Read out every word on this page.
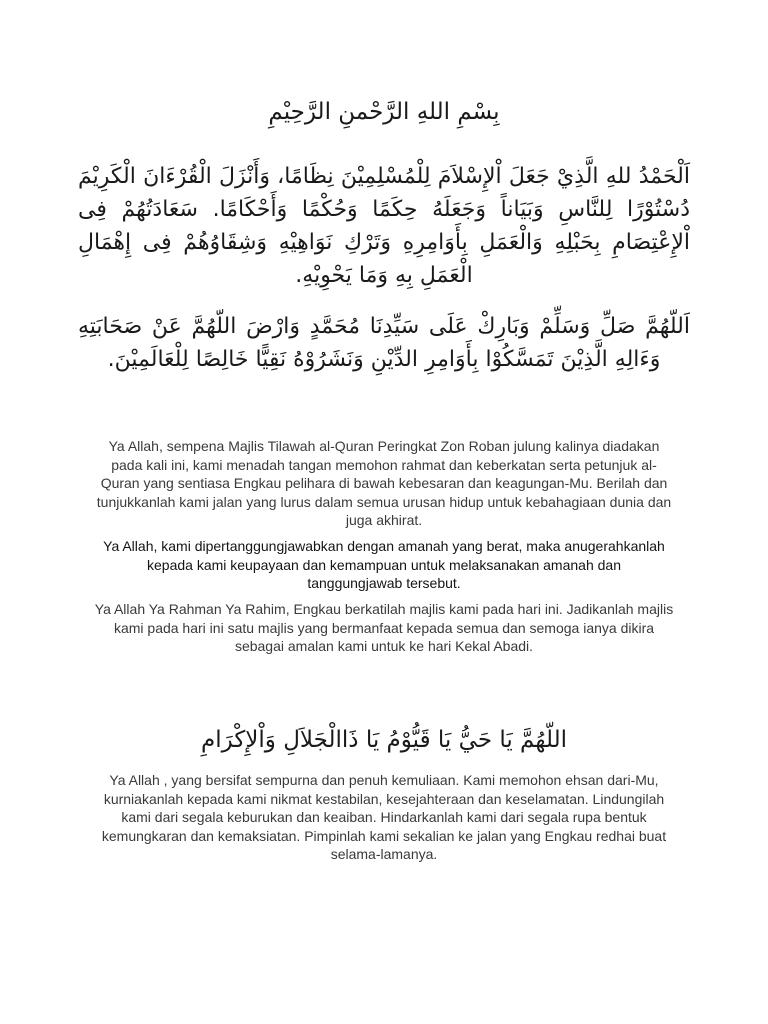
بِسْمِ اللهِ الرَّحْمنِ الرَّحِيْمِ

اَلْحَمْدُ للهِ الَّذِيْ جَعَلَ اْلإِسْلاَمَ لِلْمُسْلِمِيْنَ نِظَامًا، وَأَنْزَلَ الْقُرْءَانَ الْكَرِيْمَ دُسْتُوْرًا لِلنَّاسِ وَبَيَاناً وَجَعَلَهُ حِكَمًا وَحُكْمًا وَأَحْكَامًا. سَعَادَتُهُمْ فِى اْلإِعْتِصَامِ بِحَبْلِهِ وَالْعَمَلِ بِأَوَامِرِهِ وَتَرْكِ نَوَاهِيْهِ وَشِقَاوُهُمْ فِى إِهْمَالِ الْعَمَلِ بِهِ وَمَا يَحْوِيْهِ.

اَللّهُمَّ صَلِّ وَسَلِّمْ وَبَارِكْ عَلَى سَيِّدِنَا مُحَمَّدٍ وَارْضَ اللّهُمَّ عَنْ صَحَابَتِهِ وَءَالِهِ الَّذِيْنَ تَمَسَّكُوْا بِأَوَامِرِ الدِّيْنِ وَنَشَرُوْهُ نَقِيًّا خَالِصًا لِلْعَالَمِيْنَ.

Ya Allah, sempena Majlis Tilawah al-Quran Peringkat Zon Roban julung kalinya diadakan pada kali ini, kami menadah tangan memohon rahmat dan keberkatan serta petunjuk al-Quran yang sentiasa Engkau pelihara di bawah kebesaran dan keagungan-Mu. Berilah dan tunjukkanlah kami jalan yang lurus dalam semua urusan hidup untuk kebahagiaan dunia dan juga akhirat.

Ya Allah, kami dipertanggungjawabkan dengan amanah yang berat, maka anugerahkanlah kepada kami keupayaan dan kemampuan untuk melaksanakan amanah dan tanggungjawab tersebut.

Ya Allah Ya Rahman Ya Rahim, Engkau berkatilah majlis kami pada hari ini. Jadikanlah majlis kami pada hari ini satu majlis yang bermanfaat kepada semua dan semoga ianya dikira sebagai amalan kami untuk ke hari Kekal Abadi.

اللّهُمَّ يَا حَيُّ يَا قَيُّوْمُ يَا ذَاالْجَلاَلِ وَاْلإِكْرَامِ

Ya Allah , yang bersifat sempurna dan penuh kemuliaan. Kami memohon ehsan dari-Mu, kurniakanlah kepada kami nikmat kestabilan, kesejahteraan dan keselamatan. Lindungilah kami dari segala keburukan dan keaiban. Hindarkanlah kami dari segala rupa bentuk kemungkaran dan kemaksiatan. Pimpinlah kami sekalian ke jalan yang Engkau redhai buat selama-lamanya.
